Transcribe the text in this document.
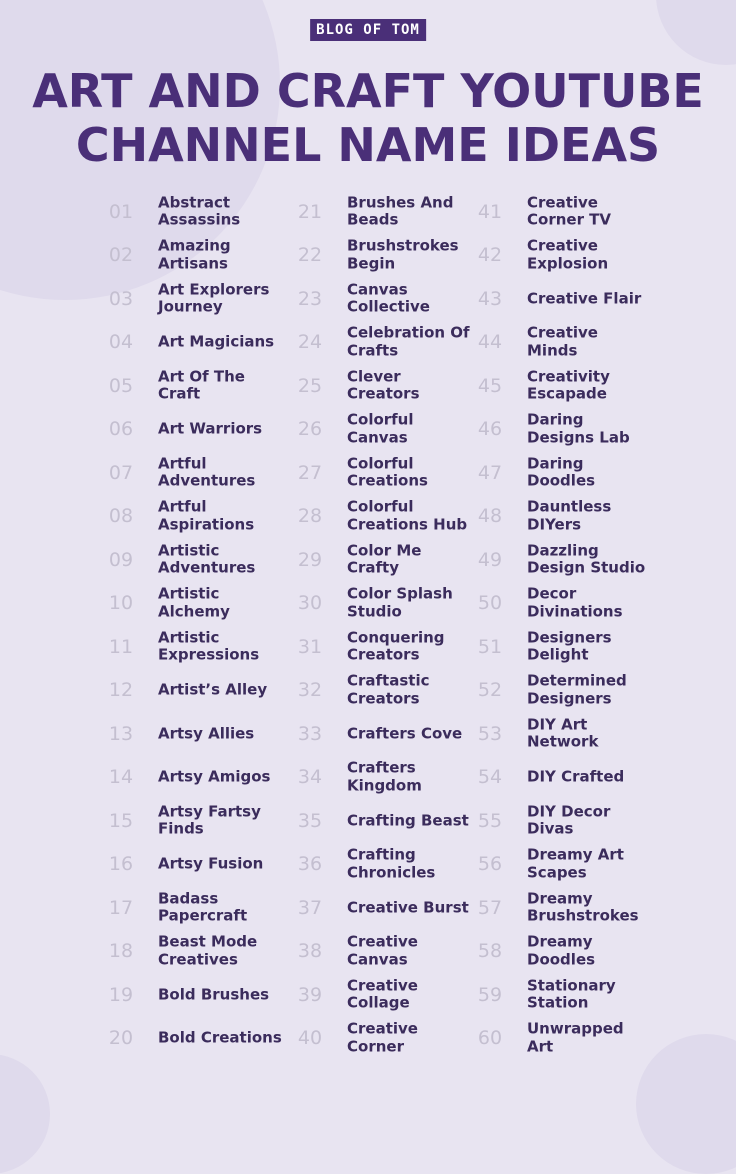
BLOG OF TOM
ART AND CRAFT YOUTUBE
CHANNEL NAME IDEAS
01	Abstract
Assassins
02	Amazing
Artisans
03	Art Explorers
Journey
04	Art Magicians
05	Art Of The Craft
06	Art Warriors
07	Artful
Adventures
08	Artful
Aspirations
09	Artistic
Adventures
10	Artistic
Alchemy
11	Artistic
Expressions
12	Artist’s Alley
13	Artsy Allies
14	Artsy Amigos
15	Artsy Fartsy
Finds
16	Artsy Fusion
17	Badass
Papercraft
18	Beast Mode
Creatives
19	Bold Brushes
20	Bold Creations
21	Brushes And
Beads
22	Brushstrokes
Begin
23	Canvas
Collective
24	Celebration Of
Crafts
25	Clever
Creators
26	Colorful
Canvas
27	Colorful
Creations
28	Colorful
Creations Hub
29	Color Me
Crafty
30	Color Splash
Studio
31	Conquering
Creators
32	Craftastic
Creators
33	Crafters Cove
34	Crafters
Kingdom
35	Crafting Beast
36	Crafting
Chronicles
37	Creative Burst
38	Creative
Canvas
39	Creative
Collage
40	Creative
Corner
41	Creative
Corner TV
42	Creative
Explosion
43	Creative Flair
44	Creative
Minds
45	Creativity
Escapade
46	Daring
Designs Lab
47	Daring
Doodles
48	Dauntless
DIYers
49	Dazzling
Design Studio
50	Decor
Divinations
51	Designers
Delight
52	Determined
Designers
53	DIY Art
Network
54	DIY Crafted
55	DIY Decor
Divas
56	Dreamy Art
Scapes
57	Dreamy
Brushstrokes
58	Dreamy
Doodles
59	Stationary
Station
60	Unwrapped
Art
